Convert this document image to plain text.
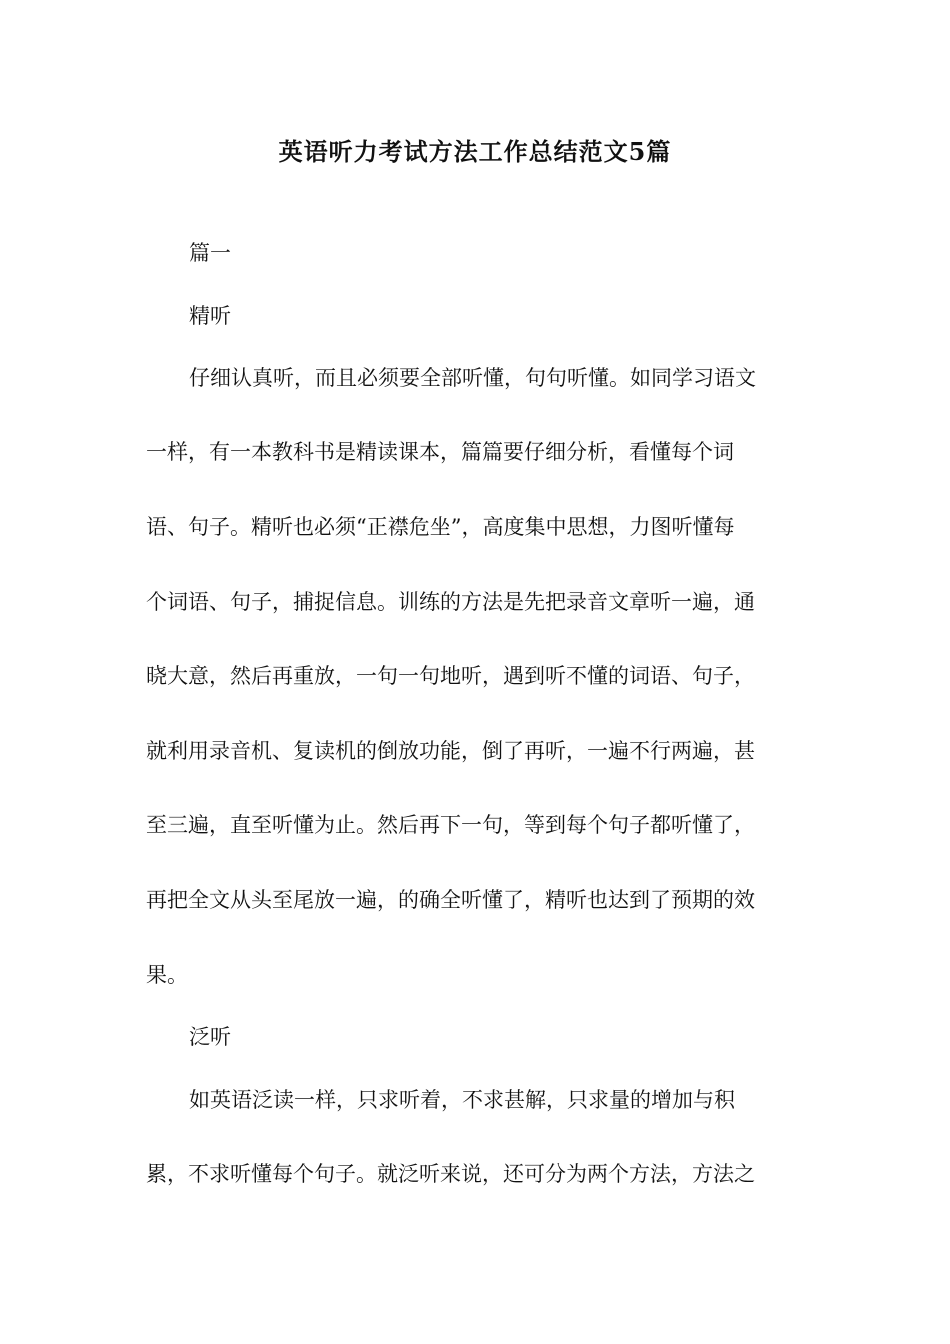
英语听力考试方法工作总结范文5篇
篇一
精听
仔细认真听，而且必须要全部听懂，句句听懂。如同学习语文
一样，有一本教科书是精读课本，篇篇要仔细分析，看懂每个词
语、句子。精听也必须“正襟危坐”，高度集中思想，力图听懂每
个词语、句子，捕捉信息。训练的方法是先把录音文章听一遍，通
晓大意，然后再重放，一句一句地听，遇到听不懂的词语、句子，
就利用录音机、复读机的倒放功能，倒了再听，一遍不行两遍，甚
至三遍，直至听懂为止。然后再下一句，等到每个句子都听懂了，
再把全文从头至尾放一遍，的确全听懂了，精听也达到了预期的效
果。
泛听
如英语泛读一样，只求听着，不求甚解，只求量的增加与积
累，不求听懂每个句子。就泛听来说，还可分为两个方法，方法之
